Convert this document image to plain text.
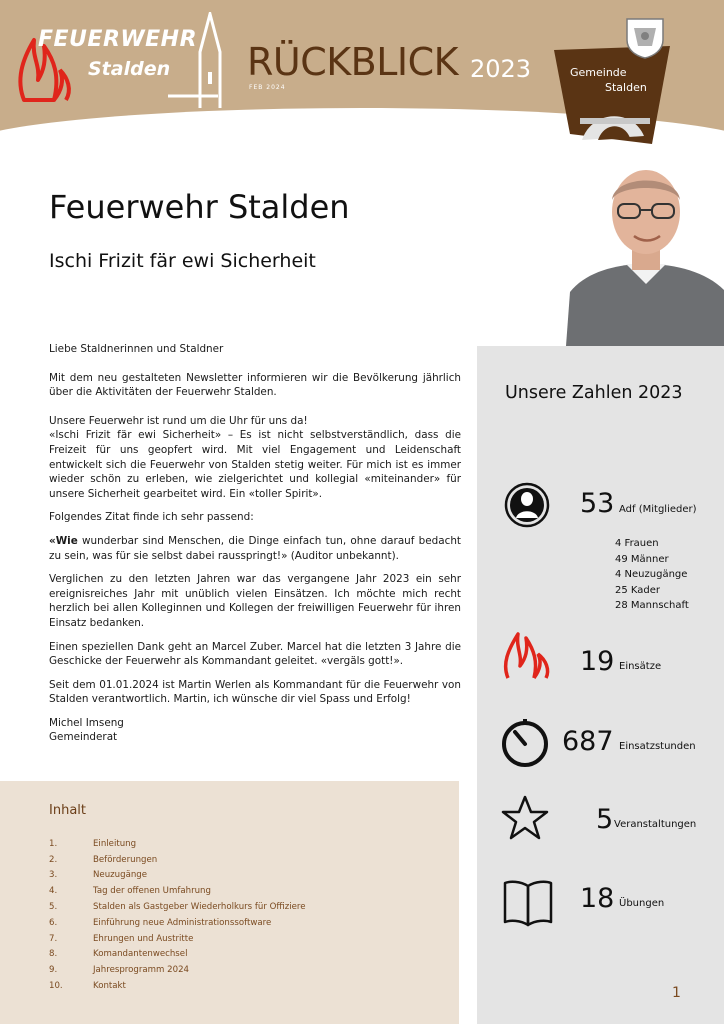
FEUERWEHR
Stalden RÜCKBLICK 2023
FEB 2024
Gemeinde
Stalden
Feuerwehr Stalden
Ischi Frizit fär ewi Sicherheit

Liebe Staldnerinnen und Staldner

Mit dem neu gestalteten Newsletter informieren wir die Bevölkerung jährlich über die Aktivitäten der Feuerwehr Stalden.

Unsere Feuerwehr ist rund um die Uhr für uns da!

«Ischi Frizit fär ewi Sicherheit» – Es ist nicht selbstverständlich, dass die Freizeit für uns geopfert wird. Mit viel Engagement und Leidenschaft entwickelt sich die Feuerwehr von Stalden stetig weiter. Für mich ist es immer wieder schön zu erleben, wie zielgerichtet und kollegial «miteinander» für unsere Sicherheit gearbeitet wird. Ein «toller Spirit».

Folgendes Zitat finde ich sehr passend:

«Wie wunderbar sind Menschen, die Dinge einfach tun, ohne darauf bedacht zu sein, was für sie selbst dabei rausspringt!» (Auditor unbekannt).

Verglichen zu den letzten Jahren war das vergangene Jahr 2023 ein sehr ereignisreiches Jahr mit unüblich vielen Einsätzen. Ich möchte mich recht herzlich bei allen Kolleginnen und Kollegen der freiwilligen Feuerwehr für ihren Einsatz bedanken.

Einen speziellen Dank geht an Marcel Zuber. Marcel hat die letzten 3 Jahre die Geschicke der Feuerwehr als Kommandant geleitet. «vergäls gott!».

Seit dem 01.01.2024 ist Martin Werlen als Kommandant für die Feuerwehr von Stalden verantwortlich. Martin, ich wünsche dir viel Spass und Erfolg!

Michel Imseng

Gemeinderat

Inhalt
1.	Einleitung
2.	Beförderungen
3.	Neuzugänge
4.	Tag der offenen Umfahrung
5.	Stalden als Gastgeber Wiederholkurs für Offiziere
6.	Einführung neue Administrationssoftware
7.	Ehrungen und Austritte
8.	Komandantenwechsel
9.	Jahresprogramm 2024
10.	Kontakt
Unsere Zahlen 2023
53 Adf (Mitglieder)
4 Frauen
49 Männer
4 Neuzugänge
25 Kader
28 Mannschaft
19 Einsätze
687 Einsatzstunden
5 Veranstaltungen
18 Übungen
1
